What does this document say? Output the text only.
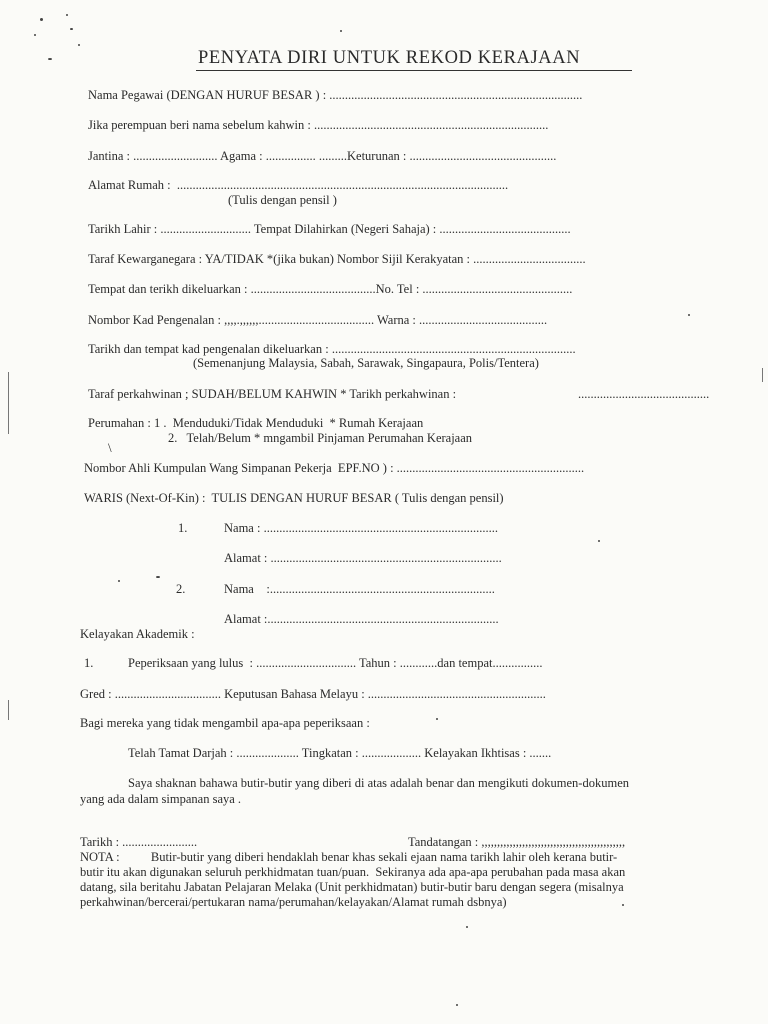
PENYATA DIRI UNTUK REKOD KERAJAAN
Nama Pegawai (DENGAN HURUF BESAR ) : .................................................................................
Jika perempuan beri nama sebelum kahwin : ...........................................................................
Jantina : ........................... Agama : ................ .........Keturunan : ...............................................
Alamat Rumah :  ..........................................................................................................
(Tulis dengan pensil )
Tarikh Lahir : ............................. Tempat Dilahirkan (Negeri Sahaja) : ..........................................
Taraf Kewarganegara : YA/TIDAK *(jika bukan) Nombor Sijil Kerakyatan : ....................................
Tempat dan terikh dikeluarkan : ........................................No. Tel : ................................................
Nombor Kad Pengenalan : ,,,,.,,,,,,..................................... Warna : .........................................
Tarikh dan tempat kad pengenalan dikeluarkan : ..............................................................................
(Semenanjung Malaysia, Sabah, Sarawak, Singapaura, Polis/Tentera)
Taraf perkahwinan ; SUDAH/BELUM KAHWIN * Tarikh perkahwinan :	..........................................
Perumahan : 1 .  Menduduki/Tidak Menduduki  * Rumah Kerajaan
2.   Telah/Belum * mngambil Pinjaman Perumahan Kerajaan
\
Nombor Ahli Kumpulan Wang Simpanan Pekerja  EPF.NO ) : ............................................................
WARIS (Next-Of-Kin) :  TULIS DENGAN HURUF BESAR ( Tulis dengan pensil)
1.	Nama : ...........................................................................
Alamat : ..........................................................................
2.	Nama    :........................................................................
Alamat :..........................................................................
Kelayakan Akademik :
1.	Peperiksaan yang lulus  : ................................ Tahun : ............dan tempat................
Gred : .................................. Keputusan Bahasa Melayu : .........................................................
Bagi mereka yang tidak mengambil apa-apa peperiksaan :
Telah Tamat Darjah : .................... Tingkatan : ................... Kelayakan Ikhtisas : .......
Saya shaknan bahawa butir-butir yang diberi di atas adalah benar dan mengikuti dokumen-dokumen
yang ada dalam simpanan saya .
Tarikh : ........................	Tandatangan : ,,,,,,,,,,,,,,,,,,,,,,,,,,,,,,,,,,,,,,,,,,,,,,
NOTA :          Butir-butir yang diberi hendaklah benar khas sekali ejaan nama tarikh lahir oleh kerana butir-
butir itu akan digunakan seluruh perkhidmatan tuan/puan.  Sekiranya ada apa-apa perubahan pada masa akan
datang, sila beritahu Jabatan Pelajaran Melaka (Unit perkhidmatan) butir-butir baru dengan segera (misalnya
perkahwinan/bercerai/pertukaran nama/perumahan/kelayakan/Alamat rumah dsbnya)
